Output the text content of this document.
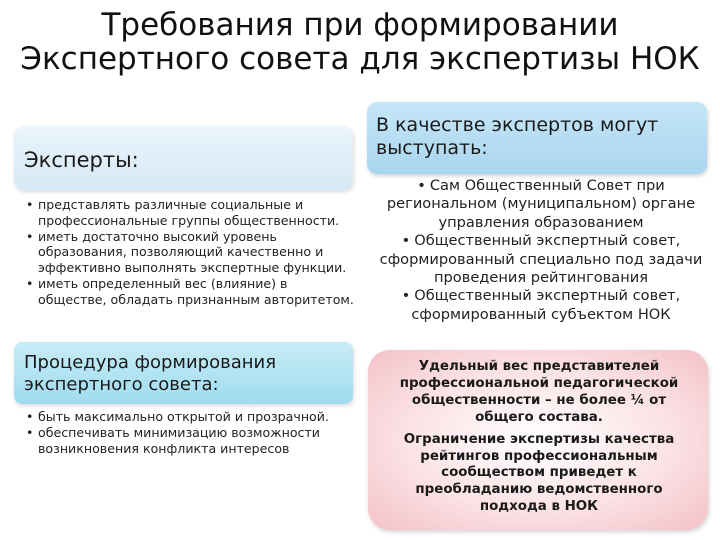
Требования при формировании
Экспертного совета для экспертизы НОК
Эксперты:
• представлять различные социальные и профессиональные группы общественности.
• иметь достаточно высокий уровень образования, позволяющий качественно и эффективно выполнять экспертные функции.
• иметь определенный вес (влияние) в обществе, обладать признанным авторитетом.
Процедура формирования экспертного совета:
• быть максимально открытой и прозрачной.
• обеспечивать минимизацию возможности возникновения конфликта интересов
В качестве экспертов могут выступать:
• Сам Общественный Совет при региональном (муниципальном) органе управления образованием
• Общественный экспертный совет, сформированный специально под задачи проведения рейтингования
• Общественный экспертный совет, сформированный субъектом НОК

Удельный вес представителей профессиональной педагогической общественности – не более ¼ от общего состава.

Ограничение экспертизы качества рейтингов профессиональным сообществом приведет к преобладанию ведомственного подхода в НОК
